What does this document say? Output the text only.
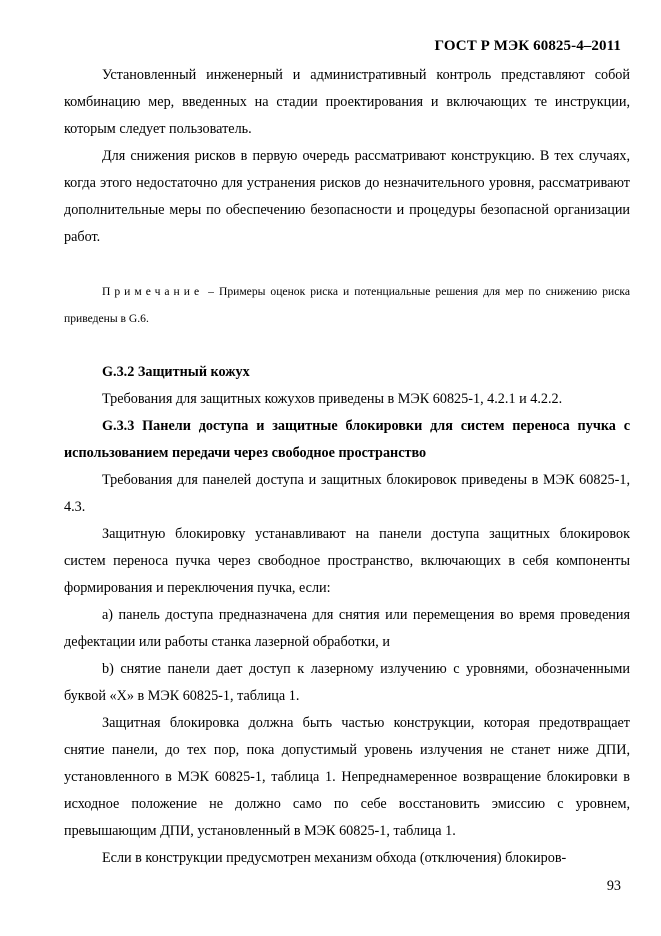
ГОСТ Р МЭК 60825-4–2011

Установленный инженерный и административный контроль представляют собой комбинацию мер, введенных на стадии проектирования и включающих те инструкции, которым следует пользователь.

Для снижения рисков в первую очередь рассматривают конструкцию. В тех случаях, когда этого недостаточно для устранения рисков до незначительного уровня, рассматривают дополнительные меры по обеспечению безопасности и процедуры безопасной организации работ.

Примечание – Примеры оценок риска и потенциальные решения для мер по снижению риска приведены в G.6.

G.3.2 Защитный кожух

Требования для защитных кожухов приведены в МЭК 60825-1, 4.2.1 и 4.2.2.

G.3.3 Панели доступа и защитные блокировки для систем переноса пучка с использованием передачи через свободное пространство

Требования для панелей доступа и защитных блокировок приведены в МЭК 60825-1, 4.3.

Защитную блокировку устанавливают на панели доступа защитных блокировок систем переноса пучка через свободное пространство, включающих в себя компоненты формирования и переключения пучка, если:

a) панель доступа предназначена для снятия или перемещения во время проведения дефектации или работы станка лазерной обработки, и

b) снятие панели дает доступ к лазерному излучению с уровнями, обозначенными буквой «X» в МЭК 60825-1, таблица 1.

Защитная блокировка должна быть частью конструкции, которая предотвращает снятие панели, до тех пор, пока допустимый уровень излучения не станет ниже ДПИ, установленного в МЭК 60825-1, таблица 1. Непреднамеренное возвращение блокировки в исходное положение не должно само по себе восстановить эмиссию с уровнем, превышающим ДПИ, установленный в МЭК 60825-1, таблица 1.

Если в конструкции предусмотрен механизм обхода (отключения) блокиров-

93
